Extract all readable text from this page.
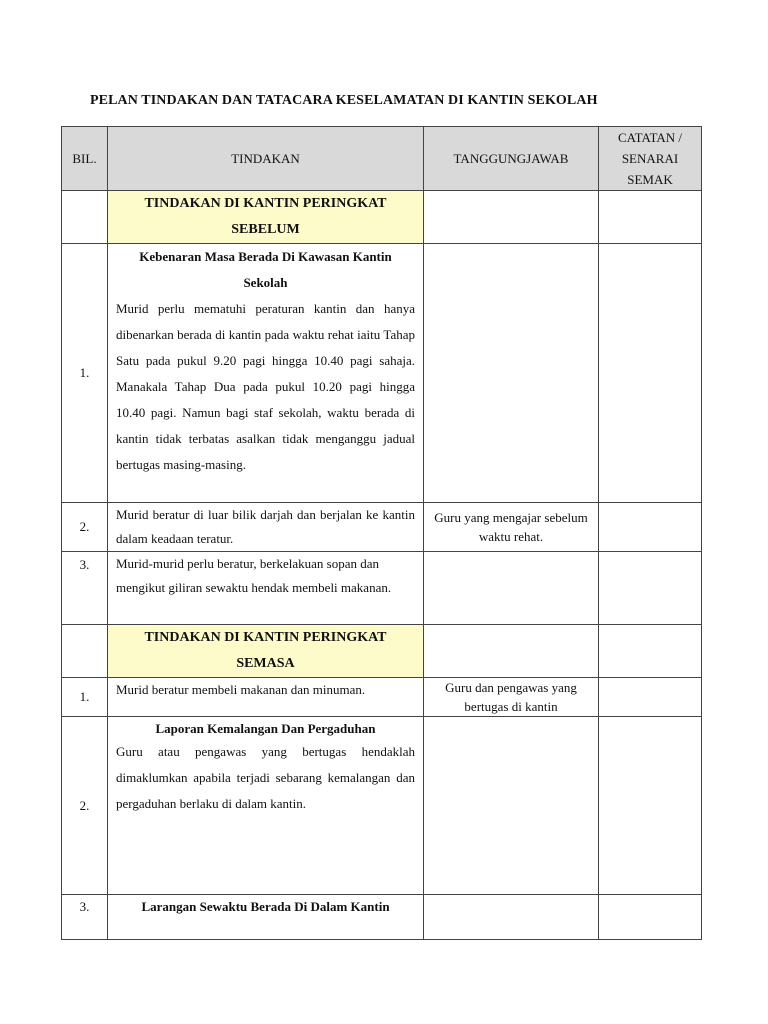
PELAN TINDAKAN DAN TATACARA KESELAMATAN DI KANTIN SEKOLAH
BIL.	TINDAKAN	TANGGUNGJAWAB	CATATAN / SENARAI SEMAK
	TINDAKAN DI KANTIN PERINGKAT SEBELUM		
1.	Kebenaran Masa Berada Di Kawasan Kantin Sekolah
Murid perlu mematuhi peraturan kantin dan hanya dibenarkan berada di kantin pada waktu rehat iaitu Tahap Satu pada pukul 9.20 pagi hingga 10.40 pagi sahaja. Manakala Tahap Dua pada pukul 10.20 pagi hingga 10.40 pagi. Namun bagi staf sekolah, waktu berada di kantin tidak terbatas asalkan tidak menganggu jadual bertugas masing-masing.		

2.	Murid beratur di luar bilik darjah dan berjalan ke kantin dalam keadaan teratur.	Guru yang mengajar sebelum waktu rehat.	
3.	Murid-murid perlu beratur, berkelakuan sopan dan mengikut giliran sewaktu hendak membeli makanan.		

	TINDAKAN DI KANTIN PERINGKAT SEMASA		
1.	Murid beratur membeli makanan dan minuman.	Guru dan pengawas yang bertugas di kantin	
2.	Laporan Kemalangan Dan Pergaduhan
Guru atau pengawas yang bertugas hendaklah dimaklumkan apabila terjadi sebarang kemalangan dan pergaduhan berlaku di dalam kantin.		

3.	Larangan Sewaktu Berada Di Dalam Kantin		
